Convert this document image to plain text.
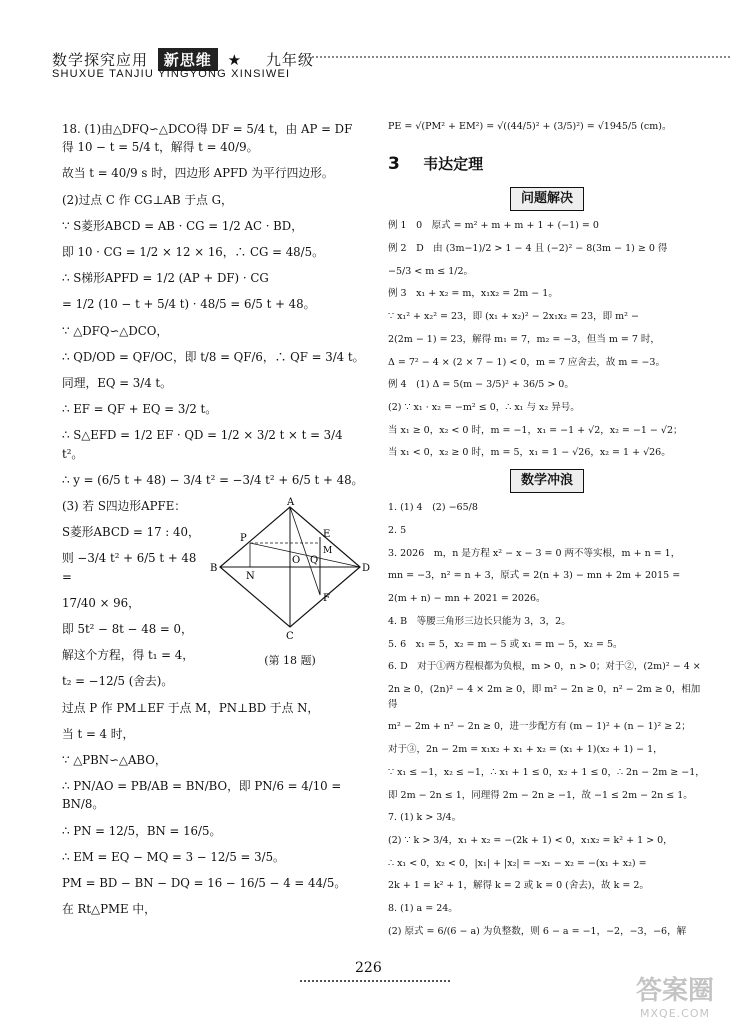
数学探究应用 新思维 ★ 九年级
SHUXUE TANJIU YINGYONG XINSIWEI

18. (1)由△DFQ∽△DCO得 DF = 5/4 t，由 AP = DF 得 10 − t = 5/4 t，解得 t = 40/9。

故当 t = 40/9 s 时，四边形 APFD 为平行四边形。

(2)过点 C 作 CG⊥AB 于点 G，

∵ S菱形ABCD = AB · CG = 1/2 AC · BD，

即 10 · CG = 1/2 × 12 × 16，∴ CG = 48/5。

∴ S梯形APFD = 1/2 (AP + DF) · CG

= 1/2 (10 − t + 5/4 t) · 48/5 = 6/5 t + 48。

∵ △DFQ∽△DCO，

∴ QD/OD = QF/OC，即 t/8 = QF/6，∴ QF = 3/4 t。

同理，EQ = 3/4 t。

∴ EF = QF + EQ = 3/2 t。

∴ S△EFD = 1/2 EF · QD = 1/2 × 3/2 t × t = 3/4 t²。

∴ y = (6/5 t + 48) − 3/4 t² = −3/4 t² + 6/5 t + 48。

(3) 若 S四边形APFE：

S菱形ABCD = 17 : 40，

则 −3/4 t² + 6/5 t + 48 =

17/40 × 96，

即 5t² − 8t − 48 = 0，

解这个方程，得 t₁ = 4，

t₂ = −12/5 (舍去)。

A
B
C
D
E
F
P
O Q
M
N
(第 18 题)

过点 P 作 PM⊥EF 于点 M，PN⊥BD 于点 N，

当 t = 4 时，

∵ △PBN∽△ABO，

∴ PN/AO = PB/AB = BN/BO，即 PN/6 = 4/10 = BN/8。

∴ PN = 12/5，BN = 16/5。

∴ EM = EQ − MQ = 3 − 12/5 = 3/5。

PM = BD − BN − DQ = 16 − 16/5 − 4 = 44/5。

在 Rt△PME 中，

PE = √(PM² + EM²) = √((44/5)² + (3/5)²) = √1945/5 (cm)。

3 韦达定理
问题解决

例 1　0　原式 = m² + m + m + 1 + (−1) = 0

例 2　D　由 (3m−1)/2 > 1 − 4 且 (−2)² − 8(3m − 1) ≥ 0 得

−5/3 < m ≤ 1/2。

例 3　x₁ + x₂ = m，x₁x₂ = 2m − 1。

∵ x₁² + x₂² = 23，即 (x₁ + x₂)² − 2x₁x₂ = 23，即 m² −

2(2m − 1) = 23，解得 m₁ = 7，m₂ = −3，但当 m = 7 时，

Δ = 7² − 4 × (2 × 7 − 1) < 0，m = 7 应舍去，故 m = −3。

例 4　(1) Δ = 5(m − 3/5)² + 36/5 > 0。

(2) ∵ x₁ · x₂ = −m² ≤ 0，∴ x₁ 与 x₂ 异号。

当 x₁ ≥ 0，x₂ < 0 时，m = −1，x₁ = −1 + √2，x₂ = −1 − √2；

当 x₁ < 0，x₂ ≥ 0 时，m = 5，x₁ = 1 − √26，x₂ = 1 + √26。

数学冲浪

1. (1) 4　(2) −65/8

2. 5

3. 2026　m，n 是方程 x² − x − 3 = 0 两不等实根，m + n = 1，

mn = −3，n² = n + 3，原式 = 2(n + 3) − mn + 2m + 2015 =

2(m + n) − mn + 2021 = 2026。

4. B　等腰三角形三边长只能为 3，3，2。

5. 6　x₁ = 5，x₂ = m − 5 或 x₁ = m − 5，x₂ = 5。

6. D　对于①两方程根都为负根，m > 0，n > 0；对于②，(2m)² − 4 ×

2n ≥ 0，(2n)² − 4 × 2m ≥ 0，即 m² − 2n ≥ 0，n² − 2m ≥ 0，相加得

m² − 2m + n² − 2n ≥ 0，进一步配方有 (m − 1)² + (n − 1)² ≥ 2；

对于③，2n − 2m = x₁x₂ + x₁ + x₂ = (x₁ + 1)(x₂ + 1) − 1，

∵ x₁ ≤ −1，x₂ ≤ −1，∴ x₁ + 1 ≤ 0，x₂ + 1 ≤ 0，∴ 2n − 2m ≥ −1，

即 2m − 2n ≤ 1，同理得 2m − 2n ≥ −1，故 −1 ≤ 2m − 2n ≤ 1。

7. (1) k > 3/4。

(2) ∵ k > 3/4，x₁ + x₂ = −(2k + 1) < 0，x₁x₂ = k² + 1 > 0，

∴ x₁ < 0，x₂ < 0，|x₁| + |x₂| = −x₁ − x₂ = −(x₁ + x₂) =

2k + 1 = k² + 1，解得 k = 2 或 k = 0 (舍去)，故 k = 2。

8. (1) a = 24。

(2) 原式 = 6/(6 − a) 为负整数，则 6 − a = −1，−2，−3，−6，解

226
答案圈
MXQE.COM
